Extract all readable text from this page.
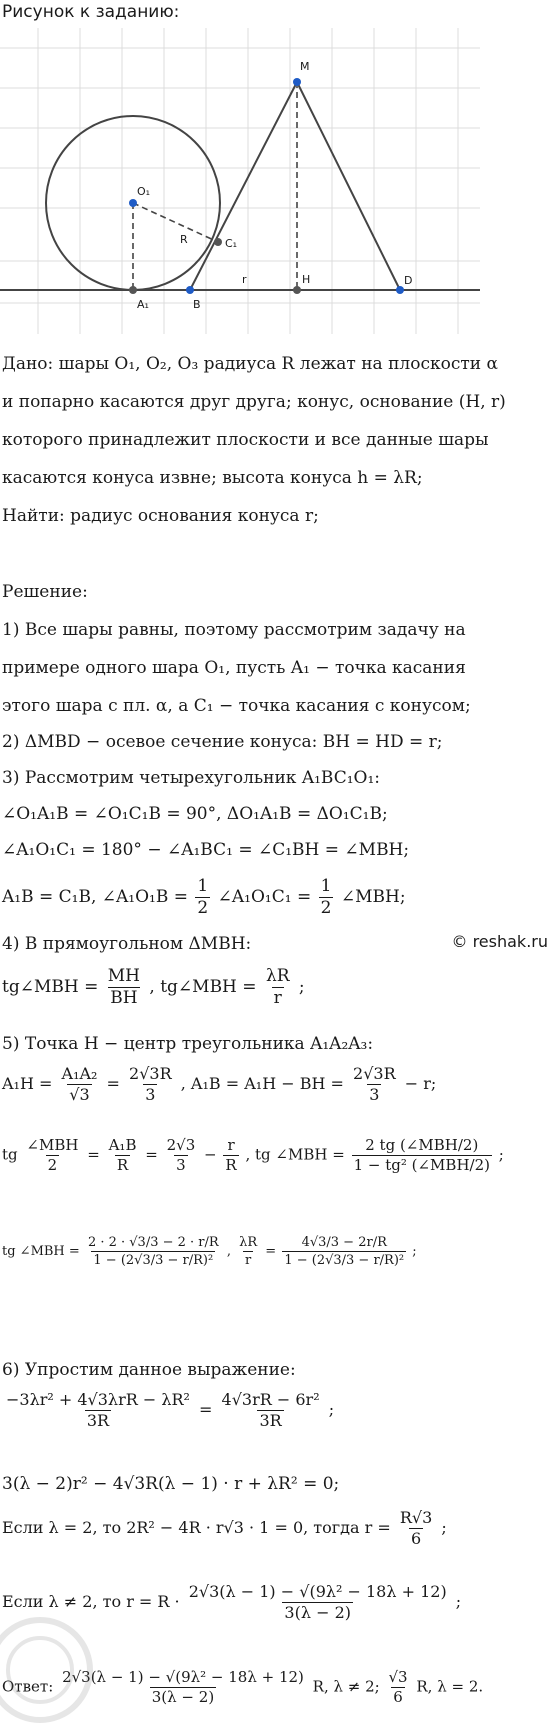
Рисунок к заданию:
O₁
R	C₁
r	H
M
D
A₁	B
Дано: шары O₁, O₂, O₃ радиуса R лежат на плоскости α
и попарно касаются друг друга; конус, основание (H, r)
которого принадлежит плоскости и все данные шары
касаются конуса извне; высота конуса h = λR;
Найти: радиус основания конуса r;
Решение:
1) Все шары равны, поэтому рассмотрим задачу на
примере одного шара O₁, пусть A₁ − точка касания
этого шара с пл. α, а C₁ − точка касания с конусом;
2) ΔMBD − осевое сечение конуса: BH = HD = r;
3) Рассмотрим четырехугольник A₁BC₁O₁:
∠O₁A₁B = ∠O₁C₁B = 90°, ΔO₁A₁B = ΔO₁C₁B;
∠A₁O₁C₁ = 180° − ∠A₁BC₁ = ∠C₁BH = ∠MBH;
A₁B = C₁B, ∠A₁O₁B = $\frac{1}{2}$ ∠A₁O₁C₁ = $\frac{1}{2}$ ∠MBH;
4) В прямоугольном ΔMBH:	© reshak.ru
tg∠MBH = $\frac{MH}{BH}$ , tg∠MBH = $\frac{\lambda R}{r}$ ;
5) Точка H − центр треугольника A₁A₂A₃:
$A_1H = \frac{\text{A₁A₂}}{√3} = \frac{2√3R}{3}$ , A₁B = A₁H − BH = $\frac{2√3R}{3} - r$;
tg
∠MBH
2
= $\frac{\text{A₁B}}{R} = \frac{2√3}{3} - \frac{r}{R}$ , tg ∠MBH =
2 tg (∠MBH/2)
1 − tg² (∠MBH/2)
;
tg ∠MBH = $\frac{2 \cdot 2 \cdot √3/3 - 2 \cdot r/R}{\text{1 − (2√3/3 − r/R)²}}$ , $\frac{\lambda R}{r} = \frac{4√3/3 - 2r/R}{\text{1 − (2√3/3 − r/R)²}}$ ;
6) Упростим данное выражение:
−3λr² + 4√3λrR − λR²
3R
= $\frac{\text{4√3rR − 6r²}}{3R}$ ;
3(λ − 2)r² − 4√3R(λ − 1) · r + λR² = 0;
Если λ = 2, то 2R² − 4R · r√3 · 1 = 0, тогда $r = \frac{R√3}{6}$ ;
Если λ ≠ 2, то $r = R \cdot \frac{\text{2√3(λ − 1) − √(9λ² − 18λ + 12)}}{3(\lambda - 2)}$ ;
Ответ: $\frac{\text{2√3(λ − 1) − √(9λ² − 18λ + 12)}}{3(\lambda - 2)} R$, λ ≠ 2; $\frac{√3}{6} R$, λ = 2.
